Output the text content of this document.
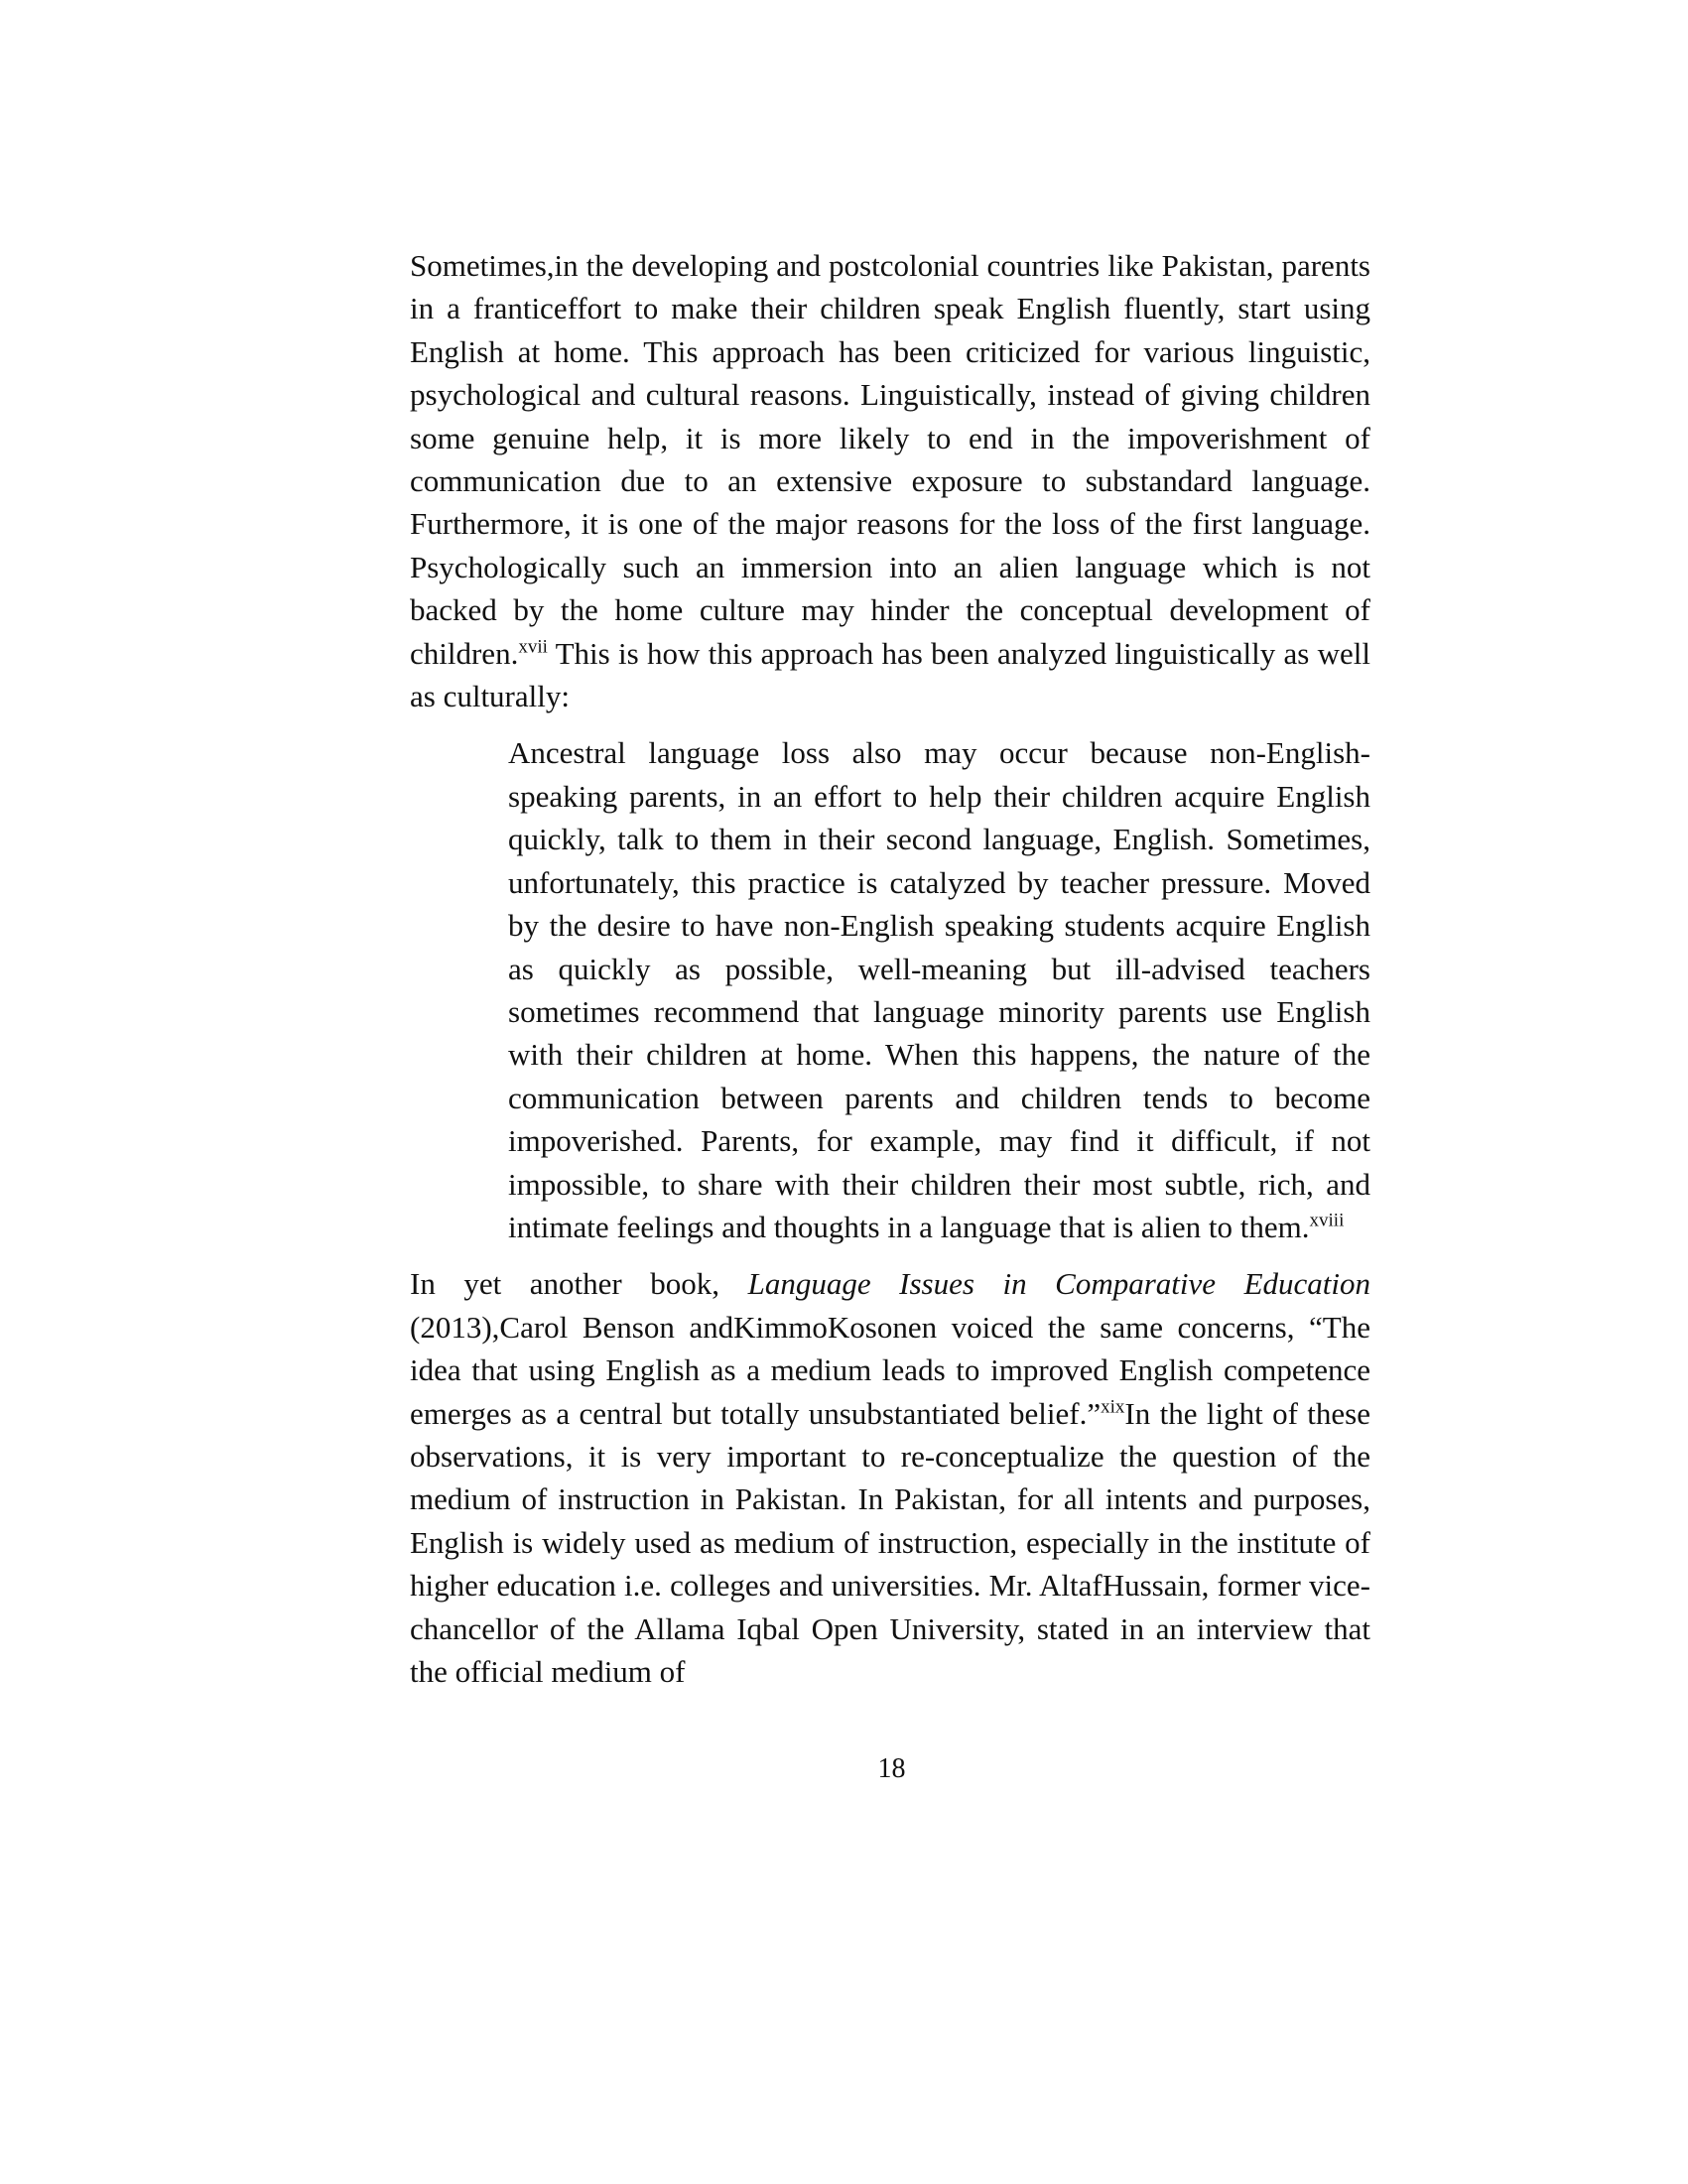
Sometimes,in the developing and postcolonial countries like Pakistan, parents in a franticeffort to make their children speak English fluently, start using English at home. This approach has been criticized for various linguistic, psychological and cultural reasons. Linguistically, instead of giving children some genuine help, it is more likely to end in the impoverishment of communication due to an extensive exposure to substandard language. Furthermore, it is one of the major reasons for the loss of the first language. Psychologically such an immersion into an alien language which is not backed by the home culture may hinder the conceptual development of children.$^{xvii}$ This is how this approach has been analyzed linguistically as well as culturally:

Ancestral language loss also may occur because non-English-speaking parents, in an effort to help their children acquire English quickly, talk to them in their second language, English. Sometimes, unfortunately, this practice is catalyzed by teacher pressure. Moved by the desire to have non-English speaking students acquire English as quickly as possible, well-meaning but ill-advised teachers sometimes recommend that language minority parents use English with their children at home. When this happens, the nature of the communication between parents and children tends to become impoverished. Parents, for example, may find it difficult, if not impossible, to share with their children their most subtle, rich, and intimate feelings and thoughts in a language that is alien to them.$^{xviii}$

In yet another book, Language Issues in Comparative Education (2013),Carol Benson andKimmoKosonen voiced the same concerns, “The idea that using English as a medium leads to improved English competence emerges as a central but totally unsubstantiated belief.”$^{xix}$In the light of these observations, it is very important to re-conceptualize the question of the medium of instruction in Pakistan. In Pakistan, for all intents and purposes, English is widely used as medium of instruction, especially in the institute of higher education i.e. colleges and universities. Mr. AltafHussain, former vice-chancellor of the Allama Iqbal Open University, stated in an interview that the official medium of

18
